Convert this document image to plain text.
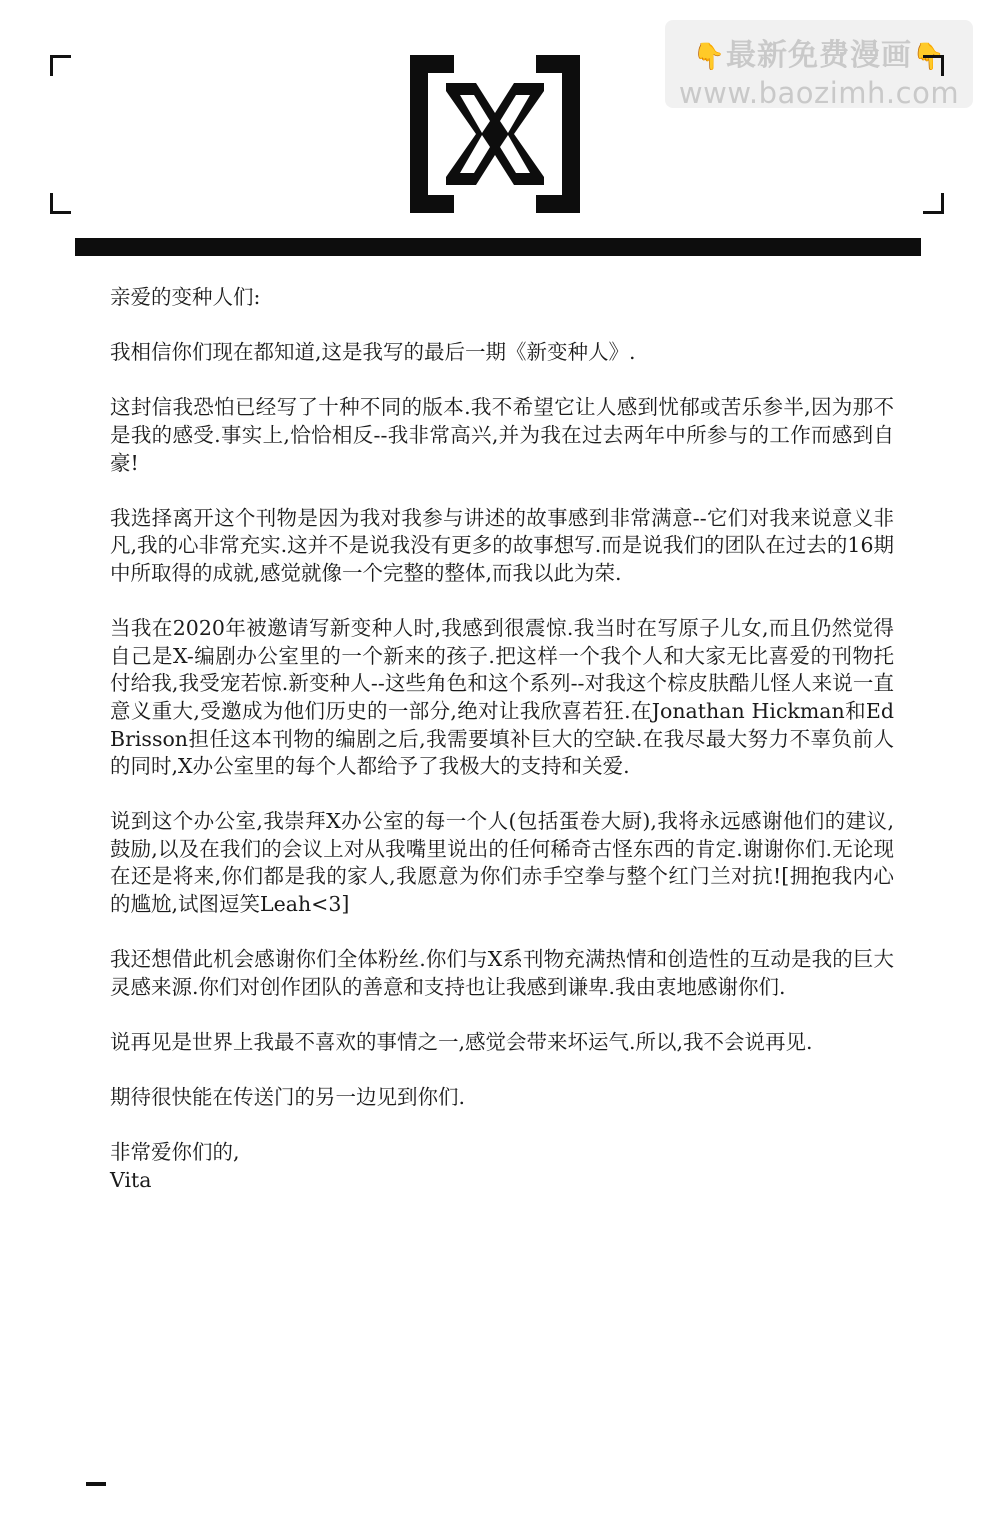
👇最新免费漫画👇
www.baozimh.com

亲爱的变种人们:

我相信你们现在都知道,这是我写的最后一期《新变种人》.

这封信我恐怕已经写了十种不同的版本.我不希望它让人感到忧郁或苦乐参半,因为那不是我的感受.事实上,恰恰相反--我非常高兴,并为我在过去两年中所参与的工作而感到自豪!

我选择离开这个刊物是因为我对我参与讲述的故事感到非常满意--它们对我来说意义非凡,我的心非常充实.这并不是说我没有更多的故事想写.而是说我们的团队在过去的16期中所取得的成就,感觉就像一个完整的整体,而我以此为荣.

当我在2020年被邀请写新变种人时,我感到很震惊.我当时在写原子儿女,而且仍然觉得自己是X-编剧办公室里的一个新来的孩子.把这样一个我个人和大家无比喜爱的刊物托付给我,我受宠若惊.新变种人--这些角色和这个系列--对我这个棕皮肤酷儿怪人来说一直意义重大,受邀成为他们历史的一部分,绝对让我欣喜若狂.在Jonathan Hickman和Ed Brisson担任这本刊物的编剧之后,我需要填补巨大的空缺.在我尽最大努力不辜负前人的同时,X办公室里的每个人都给予了我极大的支持和关爱.

说到这个办公室,我崇拜X办公室的每一个人(包括蛋卷大厨),我将永远感谢他们的建议,鼓励,以及在我们的会议上对从我嘴里说出的任何稀奇古怪东西的肯定.谢谢你们.无论现在还是将来,你们都是我的家人,我愿意为你们赤手空拳与整个红门兰对抗![拥抱我内心的尴尬,试图逗笑Leah<3]

我还想借此机会感谢你们全体粉丝.你们与X系刊物充满热情和创造性的互动是我的巨大灵感来源.你们对创作团队的善意和支持也让我感到谦卑.我由衷地感谢你们.

说再见是世界上我最不喜欢的事情之一,感觉会带来坏运气.所以,我不会说再见.

期待很快能在传送门的另一边见到你们.

非常爱你们的,

Vita
